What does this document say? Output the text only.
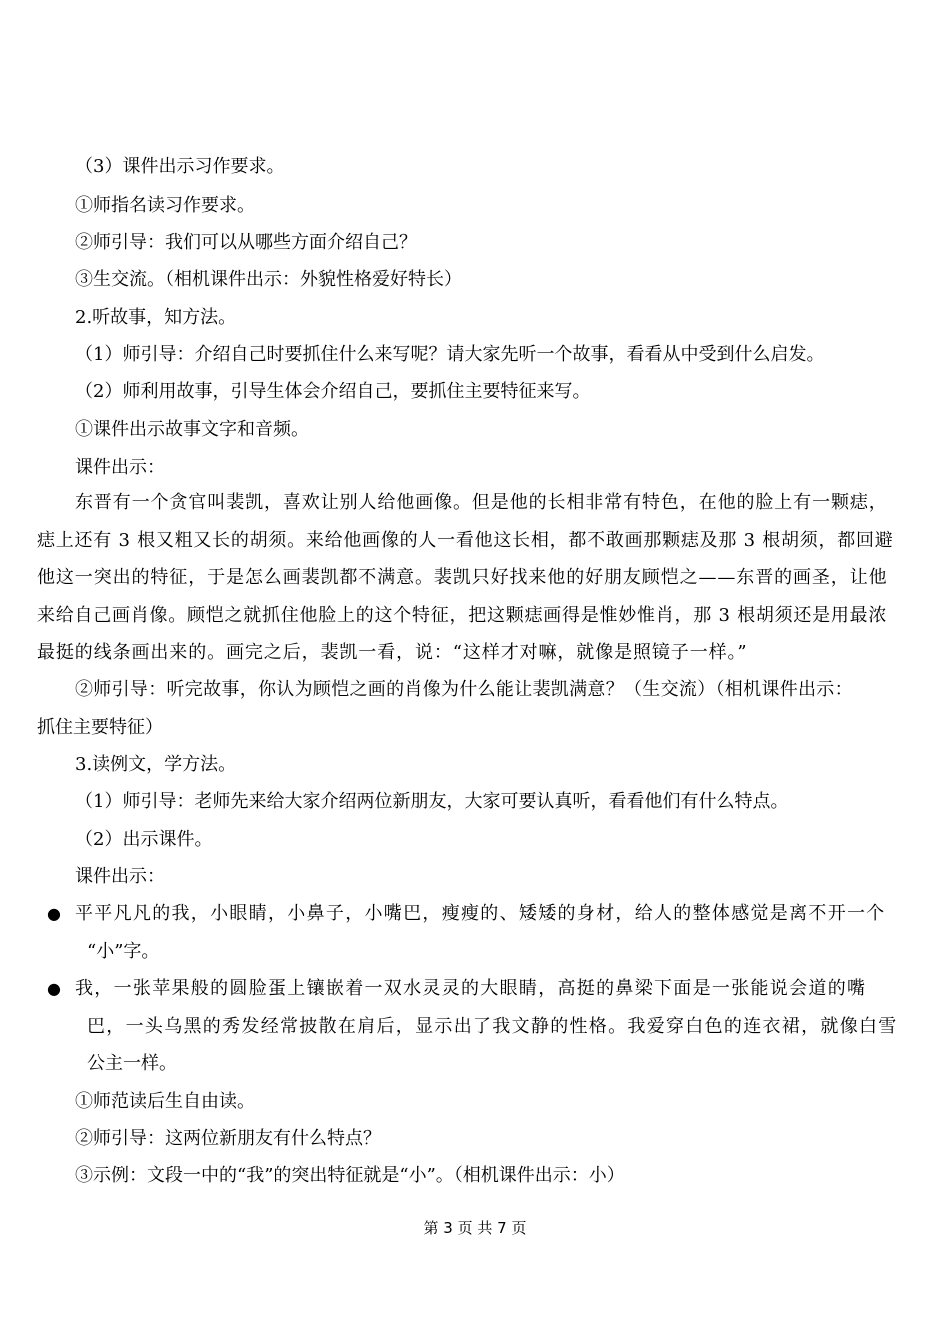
（3）课件出示习作要求。
①师指名读习作要求。
②师引导：我们可以从哪些方面介绍自己？
③生交流。（相机课件出示：外貌性格爱好特长）
2.听故事，知方法。
（1）师引导：介绍自己时要抓住什么来写呢？请大家先听一个故事，看看从中受到什么启发。
（2）师利用故事，引导生体会介绍自己，要抓住主要特征来写。
①课件出示故事文字和音频。
课件出示：
东晋有一个贪官叫裴凯，喜欢让别人给他画像。但是他的长相非常有特色，在他的脸上有一颗痣，
痣上还有 3 根又粗又长的胡须。来给他画像的人一看他这长相，都不敢画那颗痣及那 3 根胡须，都回避
他这一突出的特征，于是怎么画裴凯都不满意。裴凯只好找来他的好朋友顾恺之——东晋的画圣，让他
来给自己画肖像。顾恺之就抓住他脸上的这个特征，把这颗痣画得是惟妙惟肖，那 3 根胡须还是用最浓
最挺的线条画出来的。画完之后，裴凯一看，说：“这样才对嘛，就像是照镜子一样。”
②师引导：听完故事，你认为顾恺之画的肖像为什么能让裴凯满意？（生交流）（相机课件出示：
抓住主要特征）
3.读例文，学方法。
（1）师引导：老师先来给大家介绍两位新朋友，大家可要认真听，看看他们有什么特点。
（2）出示课件。
课件出示：
● 平平凡凡的我，小眼睛，小鼻子，小嘴巴，瘦瘦的、矮矮的身材，给人的整体感觉是离不开一个
“小”字。
● 我，一张苹果般的圆脸蛋上镶嵌着一双水灵灵的大眼睛，高挺的鼻梁下面是一张能说会道的嘴
巴，一头乌黑的秀发经常披散在肩后，显示出了我文静的性格。我爱穿白色的连衣裙，就像白雪
公主一样。
①师范读后生自由读。
②师引导：这两位新朋友有什么特点？
③示例：文段一中的“我”的突出特征就是“小”。（相机课件出示：小）
第 3 页 共 7 页
